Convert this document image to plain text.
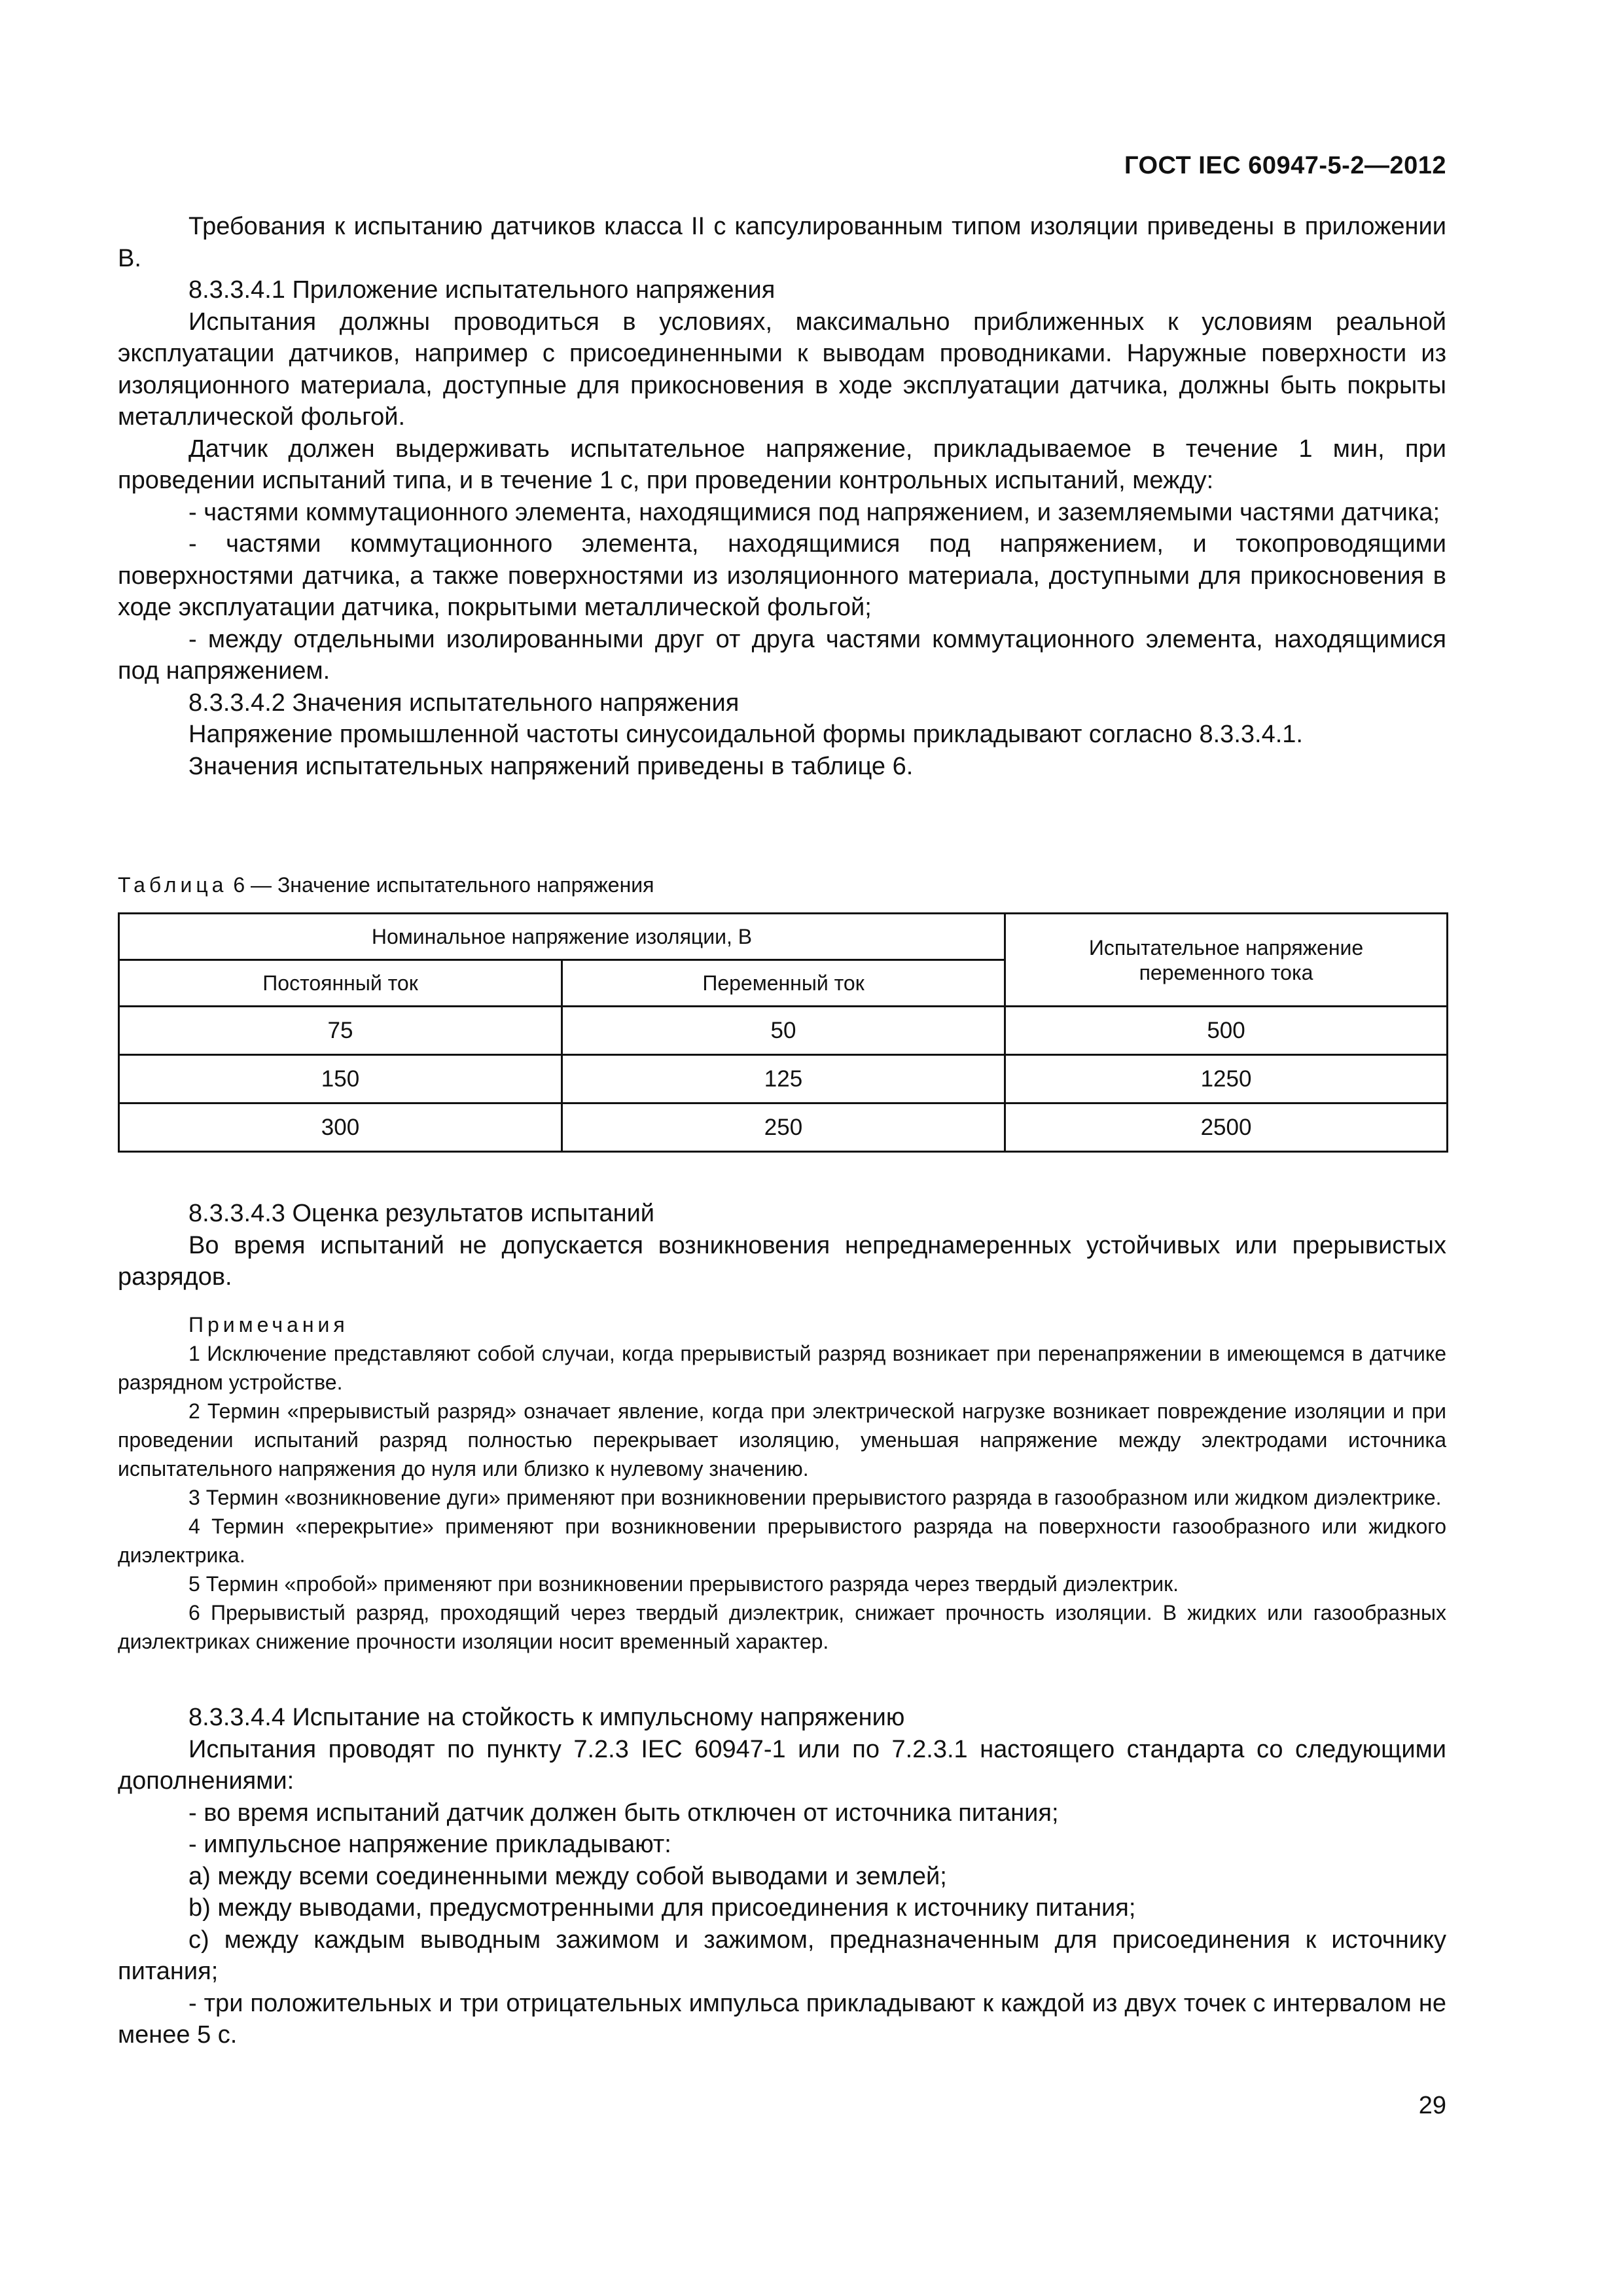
ГОСТ IEC 60947-5-2—2012

Требования к испытанию датчиков класса II с капсулированным типом изоляции приведены в приложении В.

8.3.3.4.1 Приложение испытательного напряжения

Испытания должны проводиться в условиях, максимально приближенных к условиям реальной эксплуатации датчиков, например с присоединенными к выводам проводниками. Наружные поверхности из изоляционного материала, доступные для прикосновения в ходе эксплуатации датчика, должны быть покрыты металлической фольгой.

Датчик должен выдерживать испытательное напряжение, прикладываемое в течение 1 мин, при проведении испытаний типа, и в течение 1 с, при проведении контрольных испытаний, между:

- частями коммутационного элемента, находящимися под напряжением, и заземляемыми частями датчика;

- частями коммутационного элемента, находящимися под напряжением, и токопроводящими поверхностями датчика, а также поверхностями из изоляционного материала, доступными для прикосновения в ходе эксплуатации датчика, покрытыми металлической фольгой;

- между отдельными изолированными друг от друга частями коммутационного элемента, находящимися под напряжением.

8.3.3.4.2 Значения испытательного напряжения

Напряжение промышленной частоты синусоидальной формы прикладывают согласно 8.3.3.4.1.

Значения испытательных напряжений приведены в таблице 6.

Таблица 6 — Значение испытательного напряжения
Номинальное напряжение изоляции, В		Испытательное напряжение переменного тока

Постоянный ток	Переменный ток	
75	50	500
150	125	1250
300	250	2500

8.3.3.4.3 Оценка результатов испытаний

Во время испытаний не допускается возникновения непреднамеренных устойчивых или прерывистых разрядов.

Примечания

1 Исключение представляют собой случаи, когда прерывистый разряд возникает при перенапряжении в имеющемся в датчике разрядном устройстве.

2 Термин «прерывистый разряд» означает явление, когда при электрической нагрузке возникает повреждение изоляции и при проведении испытаний разряд полностью перекрывает изоляцию, уменьшая напряжение между электродами источника испытательного напряжения до нуля или близко к нулевому значению.

3 Термин «возникновение дуги» применяют при возникновении прерывистого разряда в газообразном или жидком диэлектрике.

4 Термин «перекрытие» применяют при возникновении прерывистого разряда на поверхности газообразного или жидкого диэлектрика.

5 Термин «пробой» применяют при возникновении прерывистого разряда через твердый диэлектрик.

6 Прерывистый разряд, проходящий через твердый диэлектрик, снижает прочность изоляции. В жидких или газообразных диэлектриках снижение прочности изоляции носит временный характер.

8.3.3.4.4 Испытание на стойкость к импульсному напряжению

Испытания проводят по пункту 7.2.3 IEC 60947-1 или по 7.2.3.1 настоящего стандарта со следующими дополнениями:

- во время испытаний датчик должен быть отключен от источника питания;

- импульсное напряжение прикладывают:

а) между всеми соединенными между собой выводами и землей;

b) между выводами, предусмотренными для присоединения к источнику питания;

c) между каждым выводным зажимом и зажимом, предназначенным для присоединения к источнику питания;

- три положительных и три отрицательных импульса прикладывают к каждой из двух точек с интервалом не менее 5 с.

29
